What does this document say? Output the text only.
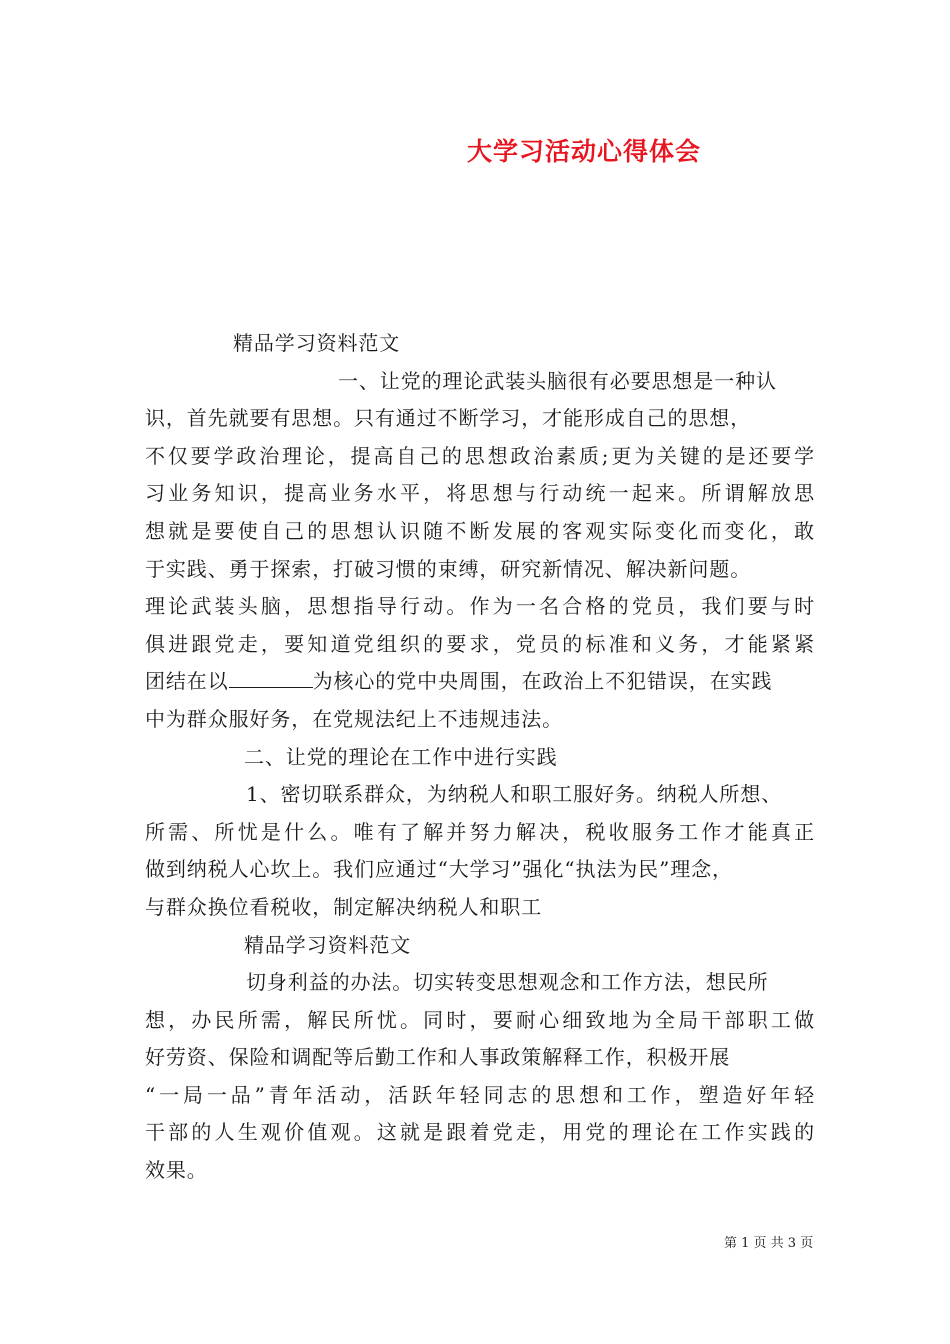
大学习活动心得体会
精品学习资料范文
一、让党的理论武装头脑很有必要思想是一种认
识，首先就要有思想。只有通过不断学习，才能形成自己的思想，
不仅要学政治理论，提高自己的思想政治素质;更为关键的是还要学
习业务知识，提高业务水平，将思想与行动统一起来。所谓解放思
想就是要使自己的思想认识随不断发展的客观实际变化而变化，敢
于实践、勇于探索，打破习惯的束缚，研究新情况、解决新问题。
理论武装头脑，思想指导行动。作为一名合格的党员，我们要与时
俱进跟党走，要知道党组织的要求，党员的标准和义务，才能紧紧
团结在以	为核心的党中央周围，在政治上不犯错误，在实践
中为群众服好务，在党规法纪上不违规违法。
二、让党的理论在工作中进行实践
1、密切联系群众，为纳税人和职工服好务。纳税人所想、
所需、所忧是什么。唯有了解并努力解决，税收服务工作才能真正
做到纳税人心坎上。我们应通过“大学习”强化“执法为民”理念，
与群众换位看税收，制定解决纳税人和职工
精品学习资料范文
切身利益的办法。切实转变思想观念和工作方法，想民所
想，办民所需，解民所忧。同时，要耐心细致地为全局干部职工做
好劳资、保险和调配等后勤工作和人事政策解释工作，积极开展
“一局一品”青年活动，活跃年轻同志的思想和工作，塑造好年轻
干部的人生观价值观。这就是跟着党走，用党的理论在工作实践的
效果。
第 1 页 共 3 页
